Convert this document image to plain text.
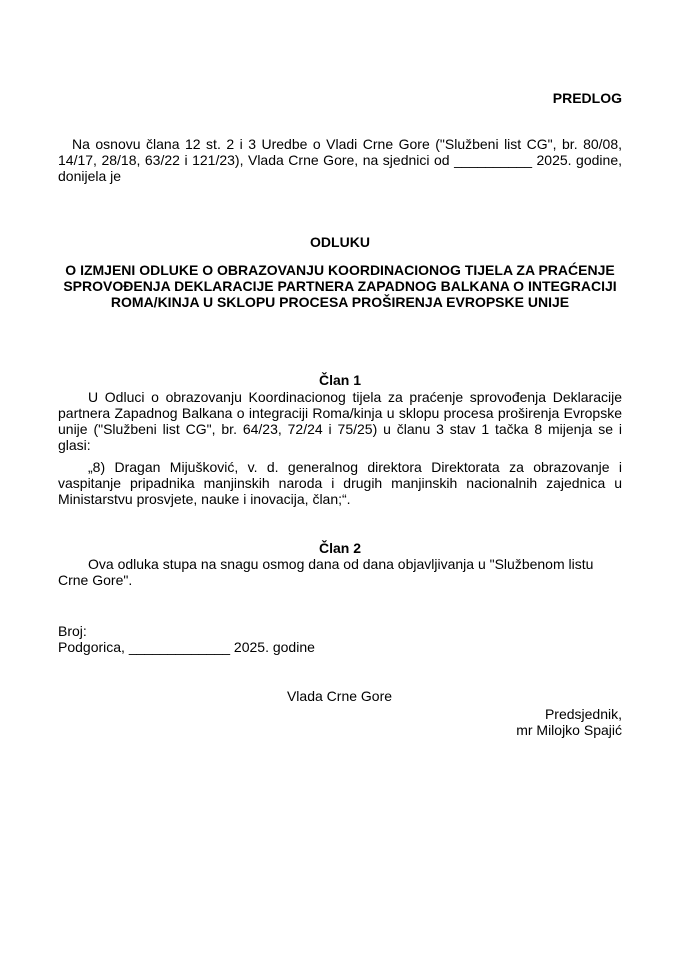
PREDLOG
Na osnovu člana 12 st. 2 i 3 Uredbe o Vladi Crne Gore ("Službeni list CG", br. 80/08, 14/17, 28/18, 63/22 i 121/23), Vlada Crne Gore, na sjednici od __________ 2025. godine, donijela je
ODLUKU
O IZMJENI ODLUKE O OBRAZOVANJU KOORDINACIONOG TIJELA ZA PRAĆENJE SPROVOĐENJA DEKLARACIJE PARTNERA ZAPADNOG BALKANA O INTEGRACIJI ROMA/KINJA U SKLOPU PROCESA PROŠIRENJA EVROPSKE UNIJE
Član 1
U Odluci o obrazovanju Koordinacionog tijela za praćenje sprovođenja Deklaracije partnera Zapadnog Balkana o integraciji Roma/kinja u sklopu procesa proširenja Evropske unije ("Službeni list CG", br. 64/23, 72/24 i 75/25) u članu 3 stav 1 tačka 8 mijenja se i glasi:
„8) Dragan Mijušković, v. d. generalnog direktora Direktorata za obrazovanje i vaspitanje pripadnika manjinskih naroda i drugih manjinskih nacionalnih zajednica u Ministarstvu prosvjete, nauke i inovacija, član;“.
Član 2
Ova odluka stupa na snagu osmog dana od dana objavljivanja u "Službenom listu Crne Gore".
Broj:
Podgorica, _____________ 2025. godine
Vlada Crne Gore
Predsjednik,
mr Milojko Spajić
